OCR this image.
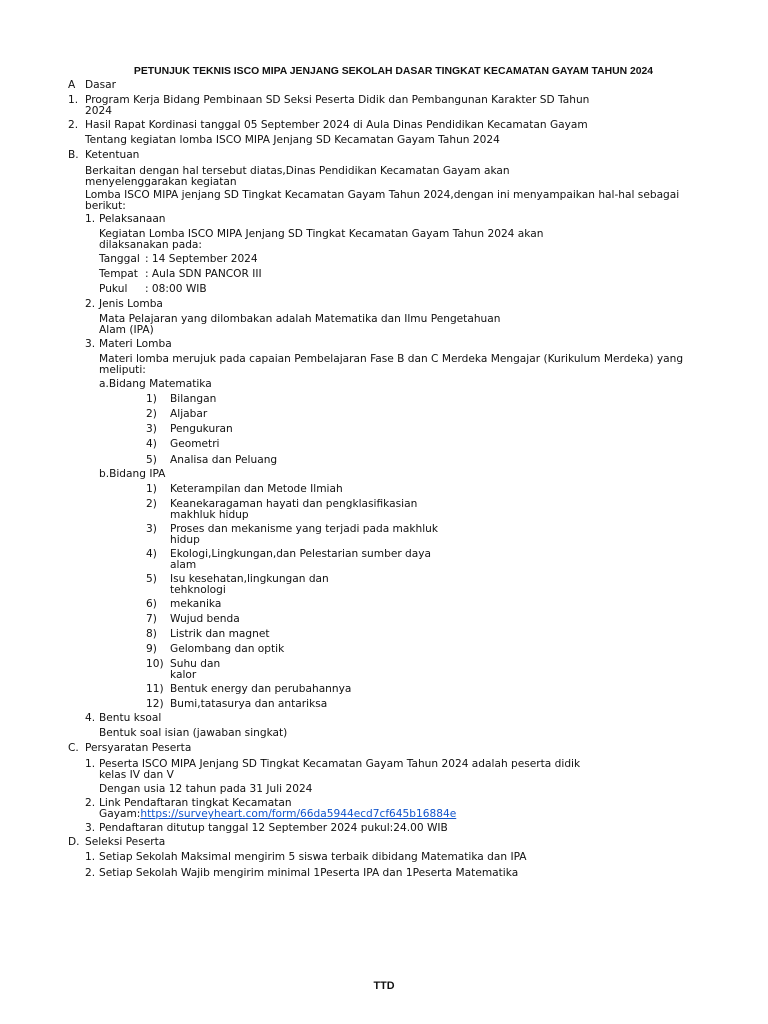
PETUNJUK TEKNIS ISCO MIPA JENJANG SEKOLAH DASAR TINGKAT KECAMATAN GAYAM TAHUN 2024
A Dasar
1. Program Kerja Bidang Pembinaan SD Seksi Peserta Didik dan Pembangunan Karakter SD Tahun
2024
2. Hasil Rapat Kordinasi tanggal 05 September 2024 di Aula Dinas Pendidikan Kecamatan Gayam
Tentang kegiatan lomba ISCO MIPA Jenjang SD Kecamatan Gayam Tahun 2024
B. Ketentuan
Berkaitan dengan hal tersebut diatas,Dinas Pendidikan Kecamatan Gayam akan
menyelenggarakan kegiatan
Lomba ISCO MIPA jenjang SD Tingkat Kecamatan Gayam Tahun 2024,dengan ini menyampaikan hal-hal sebagai
berikut:
1. Pelaksanaan
Kegiatan Lomba ISCO MIPA Jenjang SD Tingkat Kecamatan Gayam Tahun 2024 akan
dilaksanakan pada:
Tanggal : 14 September 2024
Tempat : Aula SDN PANCOR III
Pukul : 08:00 WIB
2. Jenis Lomba
Mata Pelajaran yang dilombakan adalah Matematika dan Ilmu Pengetahuan
Alam (IPA)
3. Materi Lomba
Materi lomba merujuk pada capaian Pembelajaran Fase B dan C Merdeka Mengajar (Kurikulum Merdeka) yang
meliputi:
a.Bidang Matematika
1) Bilangan
2) Aljabar
3) Pengukuran
4) Geometri
5) Analisa dan Peluang
b.Bidang IPA
1) Keterampilan dan Metode Ilmiah
2) Keanekaragaman hayati dan pengklasifikasian
makhluk hidup
3) Proses dan mekanisme yang terjadi pada makhluk
hidup
4) Ekologi,Lingkungan,dan Pelestarian sumber daya
alam
5) Isu kesehatan,lingkungan dan
tehknologi
6) mekanika
7) Wujud benda
8) Listrik dan magnet
9) Gelombang dan optik
10) Suhu dan
kalor
11) Bentuk energy dan perubahannya
12) Bumi,tatasurya dan antariksa
4. Bentu ksoal
Bentuk soal isian (jawaban singkat)
C. Persyaratan Peserta
1. Peserta ISCO MIPA Jenjang SD Tingkat Kecamatan Gayam Tahun 2024 adalah peserta didik
kelas IV dan V
Dengan usia 12 tahun pada 31 Juli 2024
2. Link Pendaftaran tingkat Kecamatan
Gayam:https://surveyheart.com/form/66da5944ecd7cf645b16884e
3. Pendaftaran ditutup tanggal 12 September 2024 pukul:24.00 WIB
D. Seleksi Peserta
1. Setiap Sekolah Maksimal mengirim 5 siswa terbaik dibidang Matematika dan IPA
2. Setiap Sekolah Wajib mengirim minimal 1Peserta IPA dan 1Peserta Matematika
TTD
